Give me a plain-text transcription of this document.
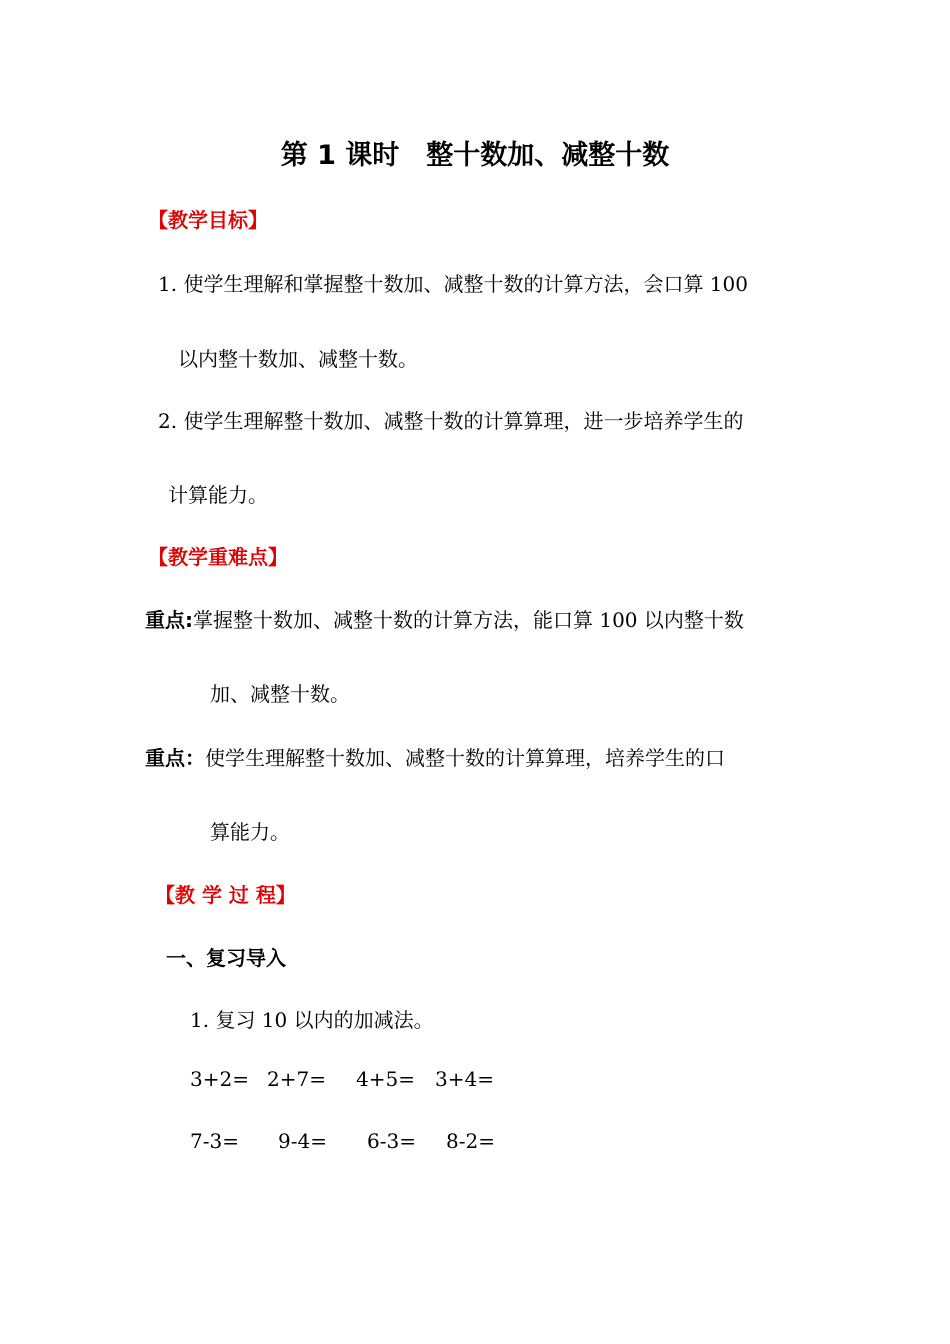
第 1 课时　整十数加、减整十数
【教学目标】
1. 使学生理解和掌握整十数加、减整十数的计算方法，会口算 100
以内整十数加、减整十数。
2. 使学生理解整十数加、减整十数的计算算理，进一步培养学生的
计算能力。
【教学重难点】
重点:掌握整十数加、减整十数的计算方法，能口算 100 以内整十数
加、减整十数。
重点：使学生理解整十数加、减整十数的计算算理，培养学生的口
算能力。
【教 学 过 程】
一、复习导入
1. 复习 10 以内的加减法。
3+2= 2+7= 4+5= 3+4=
7-3= 9-4= 6-3= 8-2=
